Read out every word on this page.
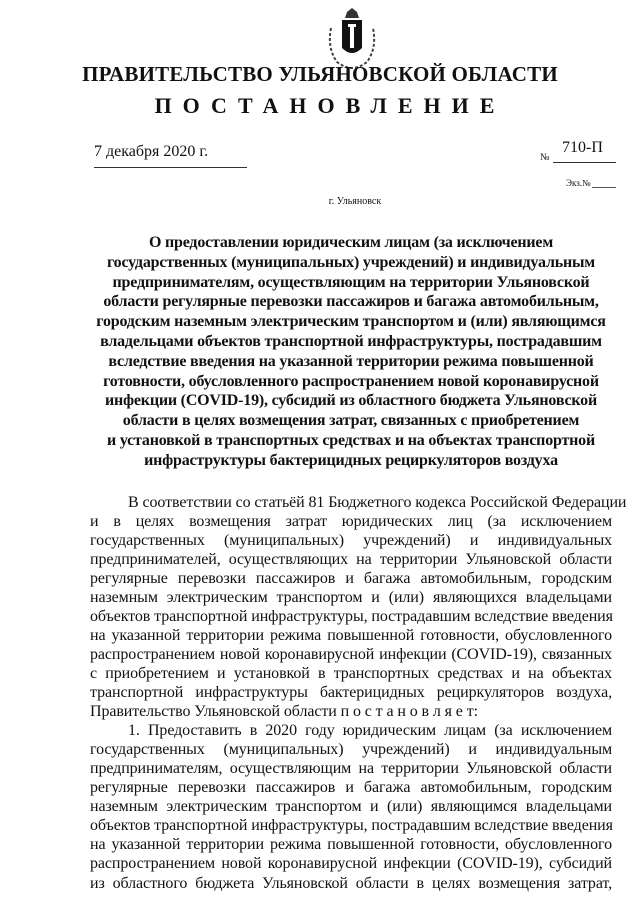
ПРАВИТЕЛЬСТВО УЛЬЯНОВСКОЙ ОБЛАСТИ
ПОСТАНОВЛЕНИЕ
7 декабря 2020 г.	№
710-П
Экз.№
г. Ульяновск
О предоставлении юридическим лицам (за исключением
государственных (муниципальных) учреждений) и индивидуальным
предпринимателям, осуществляющим на территории Ульяновской
области регулярные перевозки пассажиров и багажа автомобильным,
городским наземным электрическим транспортом и (или) являющимся
владельцами объектов транспортной инфраструктуры, пострадавшим
вследствие введения на указанной территории режима повышенной
готовности, обусловленного распространением новой коронавирусной
инфекции (COVID-19), субсидий из областного бюджета Ульяновской
области в целях возмещения затрат, связанных с приобретением
и установкой в транспортных средствах и на объектах транспортной
инфраструктуры бактерицидных рециркуляторов воздуха
В соответствии со статьёй 81 Бюджетного кодекса Российской Федерации
и в целях возмещения затрат юридических лиц (за исключением
государственных (муниципальных) учреждений) и индивидуальных
предпринимателей, осуществляющих на территории Ульяновской области
регулярные перевозки пассажиров и багажа автомобильным, городским
наземным электрическим транспортом и (или) являющихся владельцами
объектов транспортной инфраструктуры, пострадавшим вследствие введения
на указанной территории режима повышенной готовности, обусловленного
распространением новой коронавирусной инфекции (COVID-19), связанных
с приобретением и установкой в транспортных средствах и на объектах
транспортной инфраструктуры бактерицидных рециркуляторов воздуха,
Правительство Ульяновской области п о с т а н о в л я е т:
1. Предоставить в 2020 году юридическим лицам (за исключением
государственных (муниципальных) учреждений) и индивидуальным
предпринимателям, осуществляющим на территории Ульяновской области
регулярные перевозки пассажиров и багажа автомобильным, городским
наземным электрическим транспортом и (или) являющимся владельцами
объектов транспортной инфраструктуры, пострадавшим вследствие введения
на указанной территории режима повышенной готовности, обусловленного
распространением новой коронавирусной инфекции (COVID-19), субсидий
из областного бюджета Ульяновской области в целях возмещения затрат,
